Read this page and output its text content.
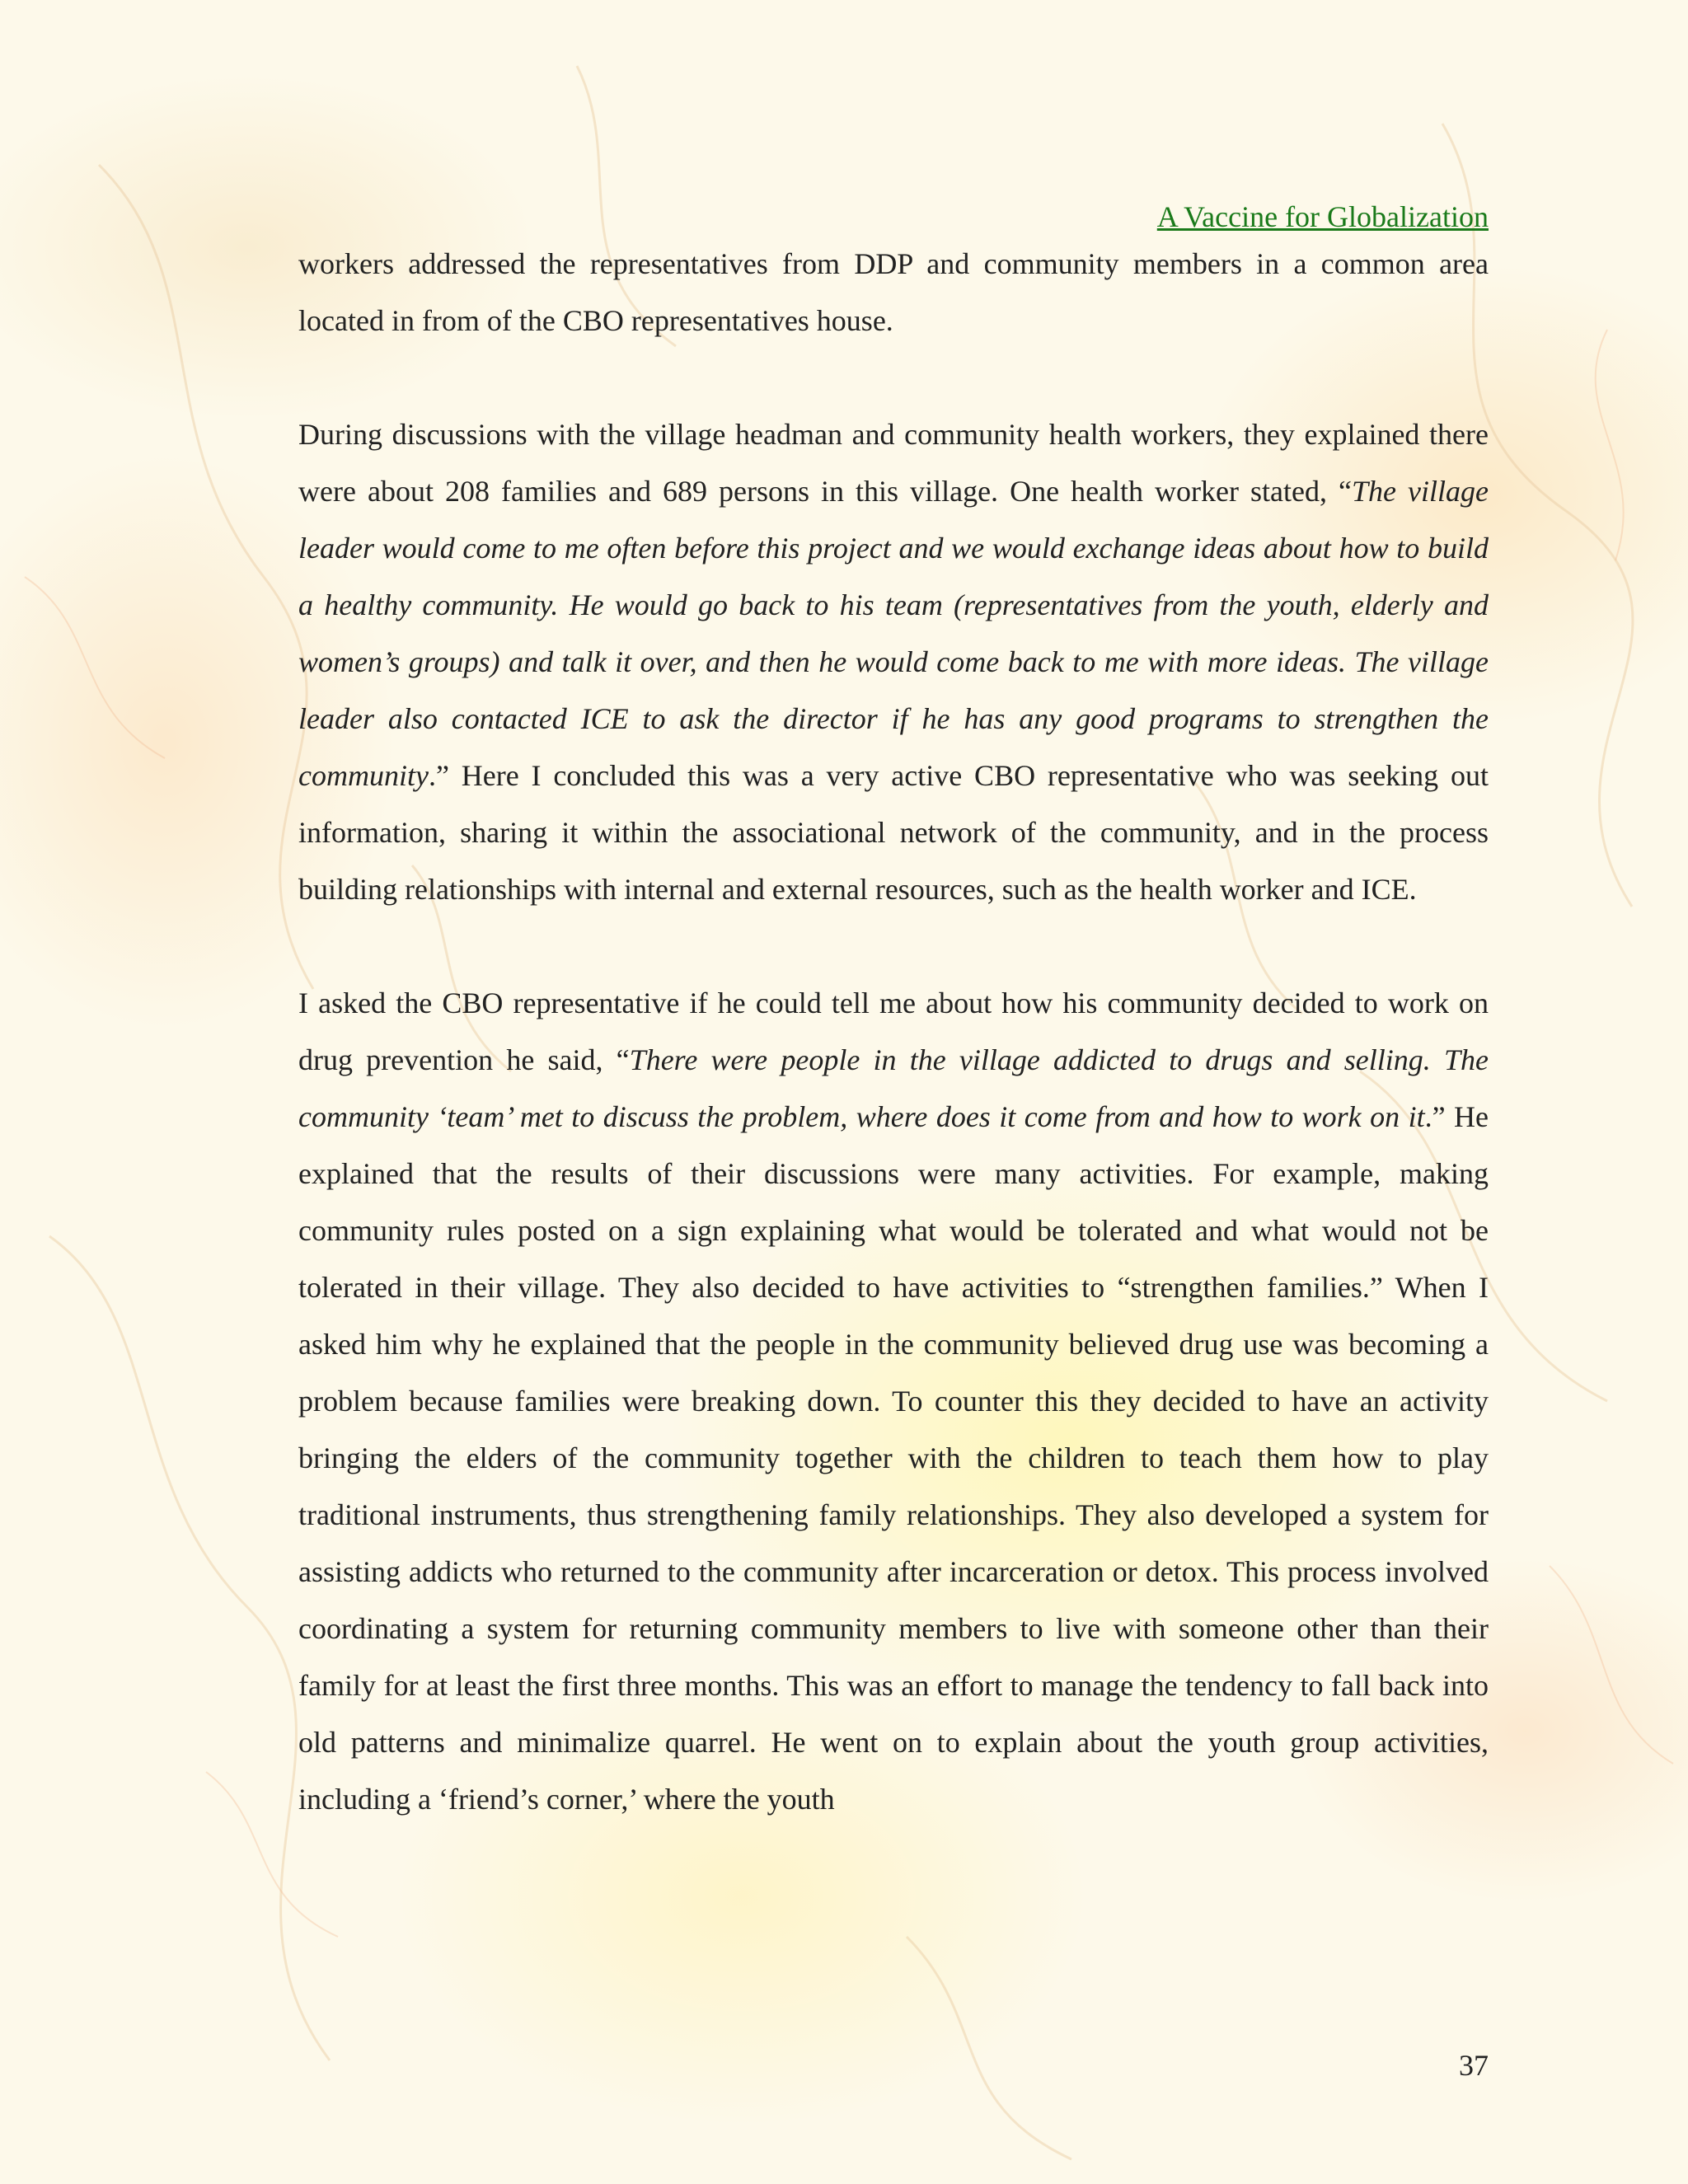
A Vaccine for Globalization

workers addressed the representatives from DDP and community members in a common area located in from of the CBO representatives house.

During discussions with the village headman and community health workers, they explained there were about 208 families and 689 persons in this village. One health worker stated, “The village leader would come to me often before this project and we would exchange ideas about how to build a healthy community. He would go back to his team (representatives from the youth, elderly and women’s groups) and talk it over, and then he would come back to me with more ideas. The village leader also contacted ICE to ask the director if he has any good programs to strengthen the community.” Here I concluded this was a very active CBO representative who was seeking out information, sharing it within the associational network of the community, and in the process building relationships with internal and external resources, such as the health worker and ICE.

I asked the CBO representative if he could tell me about how his community decided to work on drug prevention he said, “There were people in the village addicted to drugs and selling. The community ‘team’ met to discuss the problem, where does it come from and how to work on it.” He explained that the results of their discussions were many activities. For example, making community rules posted on a sign explaining what would be tolerated and what would not be tolerated in their village. They also decided to have activities to “strengthen families.” When I asked him why he explained that the people in the community believed drug use was becoming a problem because families were breaking down. To counter this they decided to have an activity bringing the elders of the community together with the children to teach them how to play traditional instruments, thus strengthening family relationships. They also developed a system for assisting addicts who returned to the community after incarceration or detox. This process involved coordinating a system for returning community members to live with someone other than their family for at least the first three months. This was an effort to manage the tendency to fall back into old patterns and minimalize quarrel. He went on to explain about the youth group activities, including a ‘friend’s corner,’ where the youth

37
